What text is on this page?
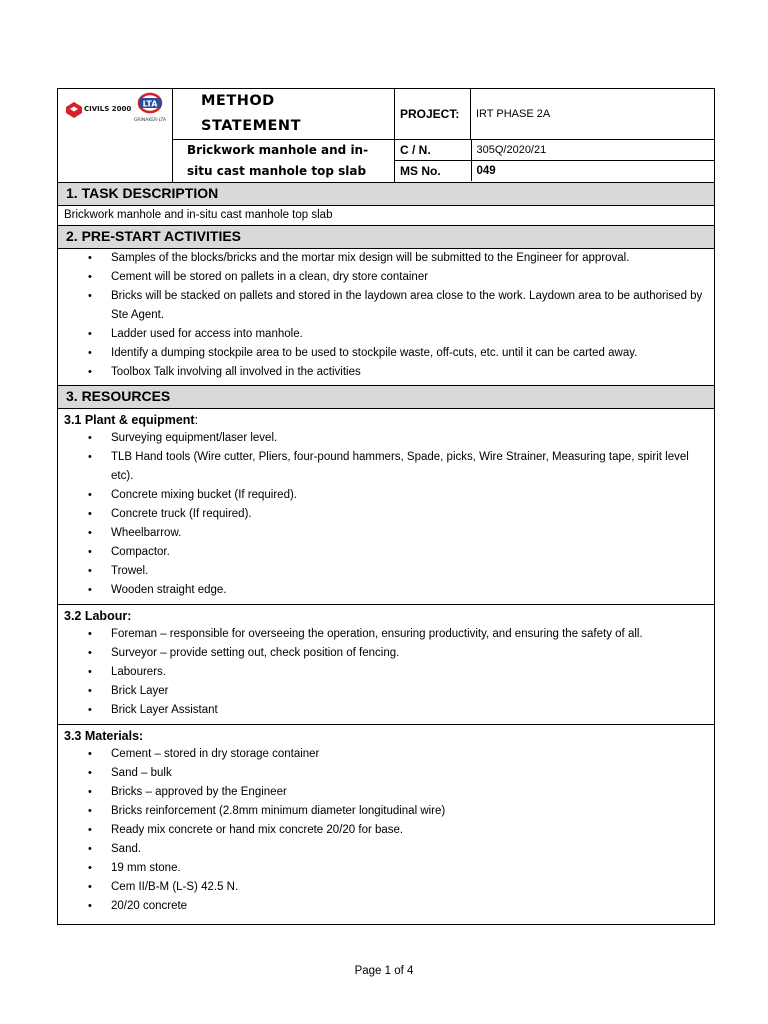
CIVILS 2000
LTA
GRINAKER-LTA

METHOD
STATEMENT
	PROJECT:	IRT PHASE 2A

Brickwork manhole and in-
situ cast manhole top slab

C / N.	305Q/2020/21
MS No.	049
1. TASK DESCRIPTION
Brickwork manhole and in-situ cast manhole top slab
2. PRE-START ACTIVITIES
• Samples of the blocks/bricks and the mortar mix design will be submitted to the Engineer for approval.
• Cement will be stored on pallets in a clean, dry store container
• Bricks will be stacked on pallets and stored in the laydown area close to the work. Laydown area to be authorised by Ste Agent.
• Ladder used for access into manhole.
• Identify a dumping stockpile area to be used to stockpile waste, off-cuts, etc. until it can be carted away.
• Toolbox Talk involving all involved in the activities
3. RESOURCES
3.1 Plant & equipment:
• Surveying equipment/laser level.
• TLB Hand tools (Wire cutter, Pliers, four-pound hammers, Spade, picks, Wire Strainer, Measuring tape, spirit level etc).
• Concrete mixing bucket (If required).
• Concrete truck (If required).
• Wheelbarrow.
• Compactor.
• Trowel.
• Wooden straight edge.
3.2 Labour:
• Foreman – responsible for overseeing the operation, ensuring productivity, and ensuring the safety of all.
• Surveyor – provide setting out, check position of fencing.
• Labourers.
• Brick Layer
• Brick Layer Assistant
3.3 Materials:
• Cement – stored in dry storage container
• Sand – bulk
• Bricks – approved by the Engineer
• Bricks reinforcement (2.8mm minimum diameter longitudinal wire)
• Ready mix concrete or hand mix concrete 20/20 for base.
• Sand.
• 19 mm stone.
• Cem II/B-M (L-S) 42.5 N.
• 20/20 concrete
Page 1 of 4
